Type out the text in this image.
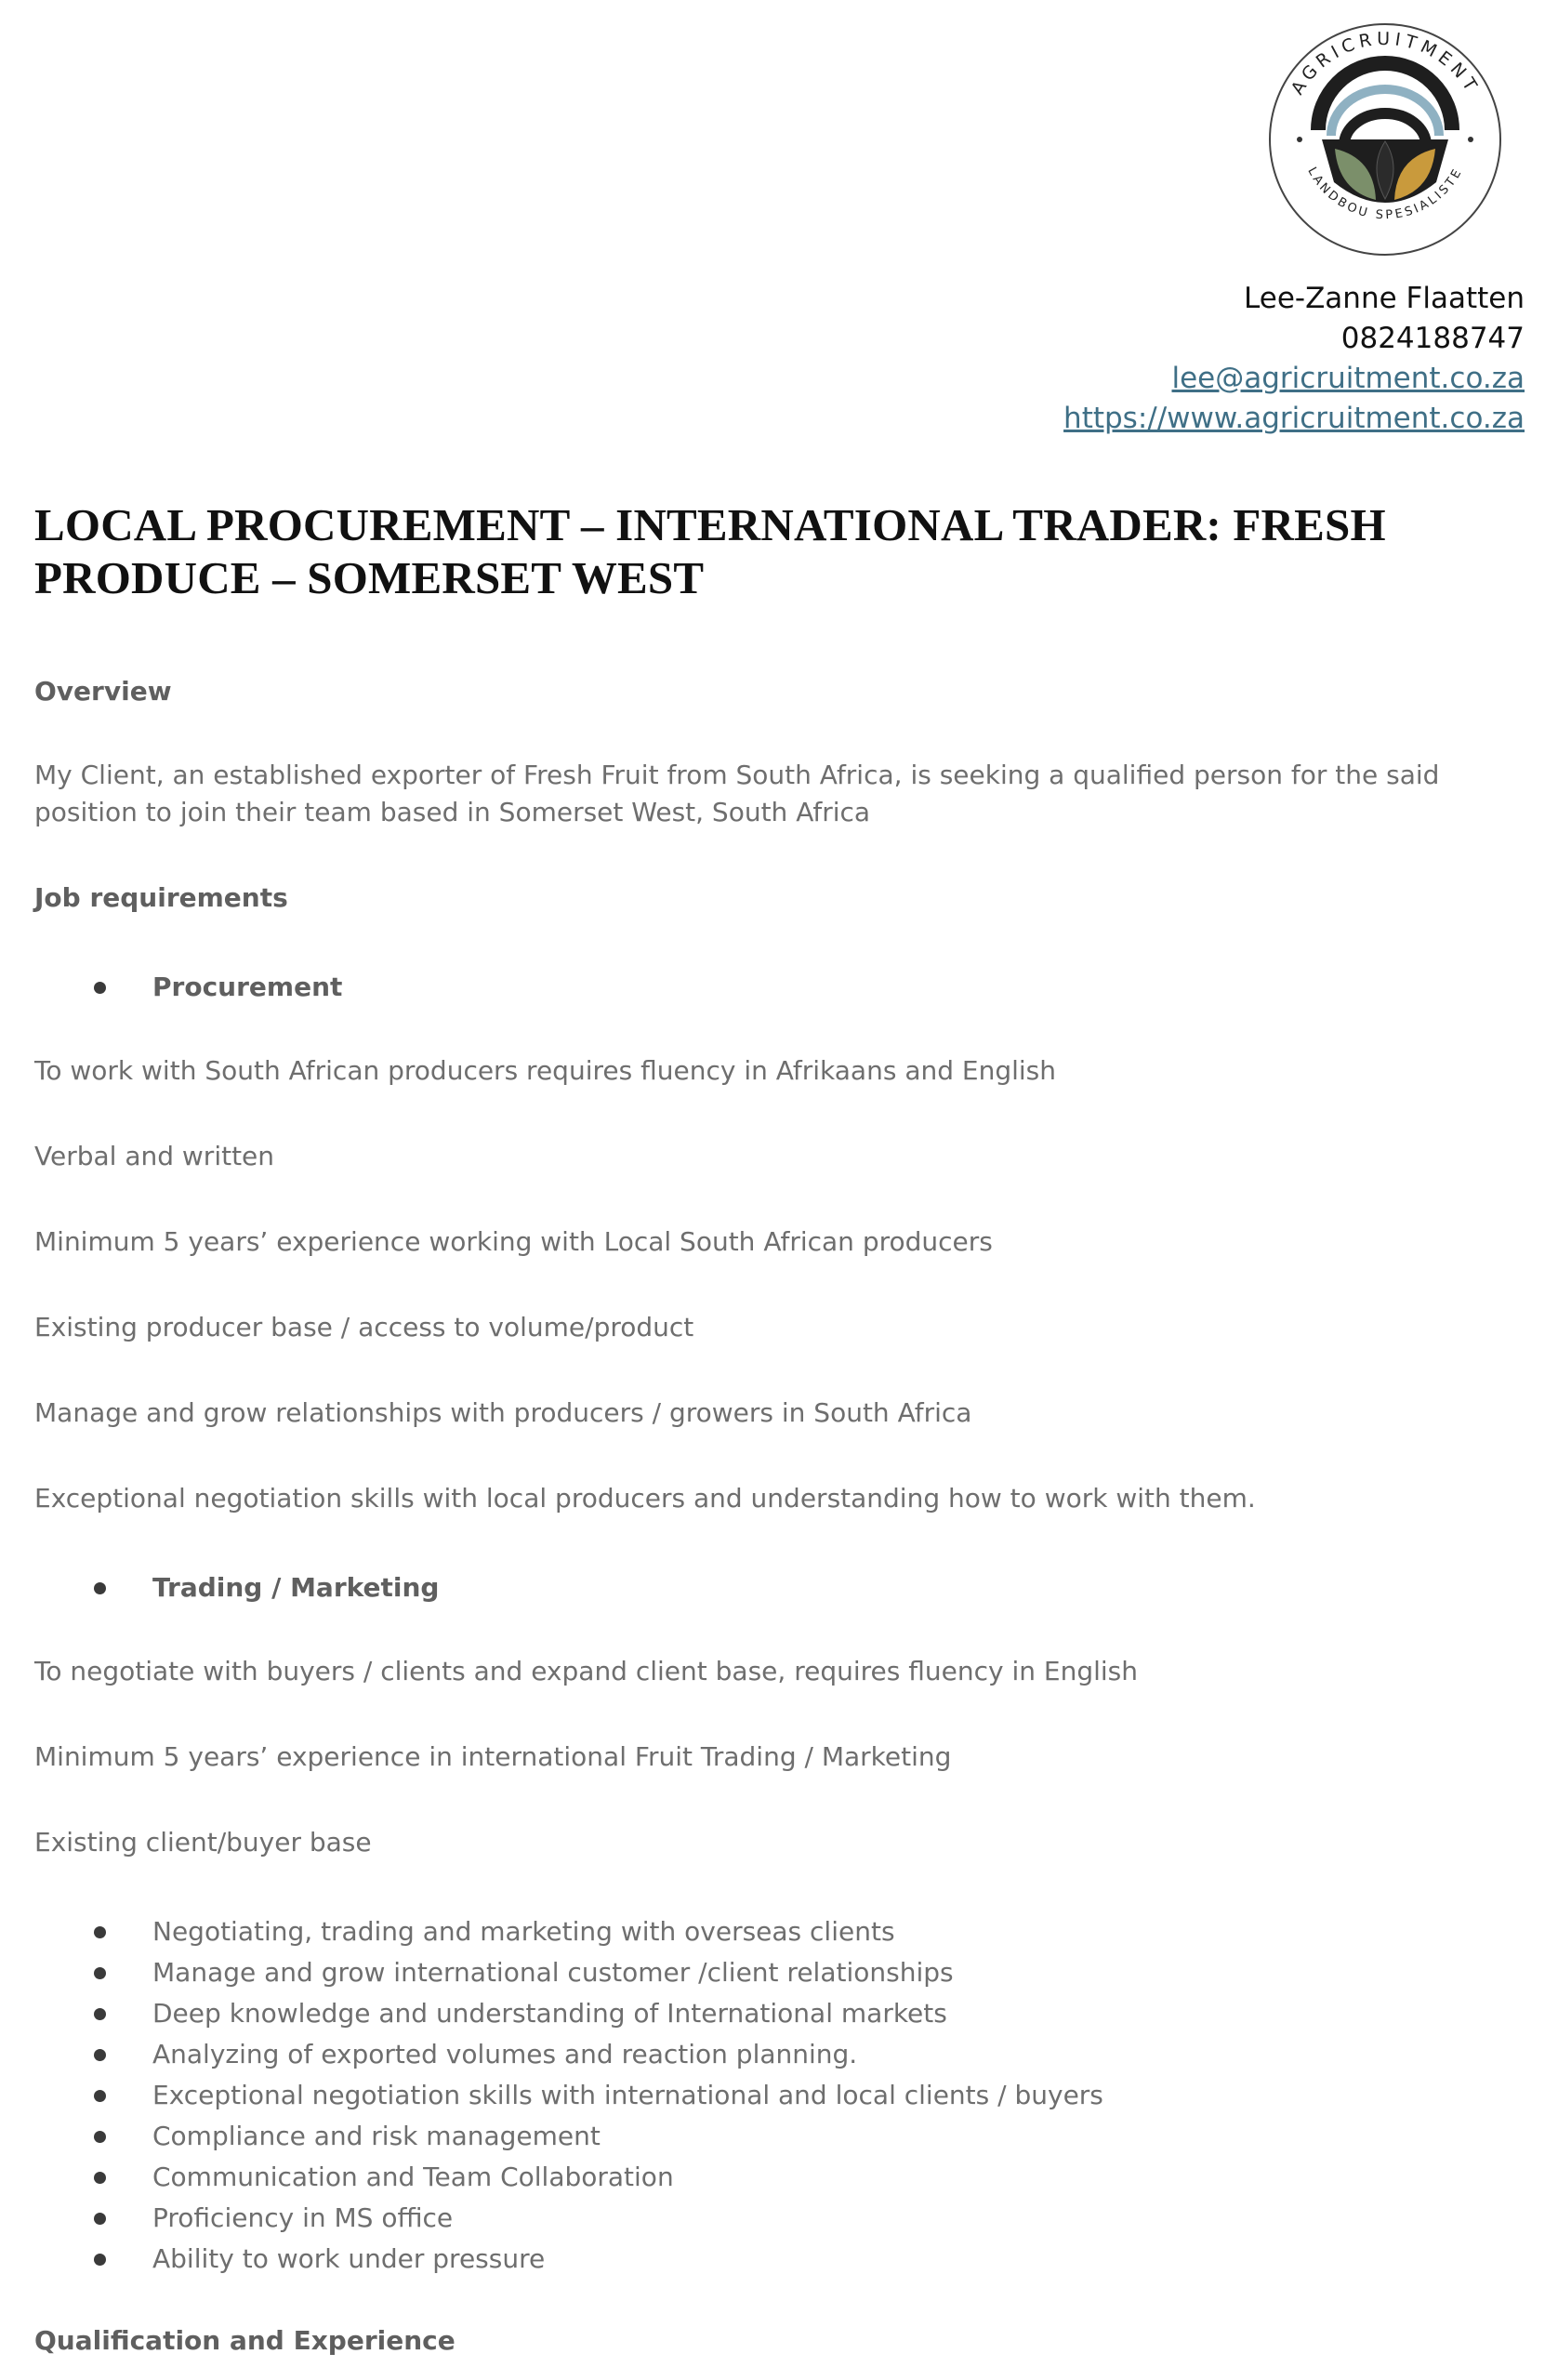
AGRICRUITMENT
LANDBOU SPESIALISTE
Lee-Zanne Flaatten
0824188747
lee@agricruitment.co.za
https://www.agricruitment.co.za
LOCAL PROCUREMENT – INTERNATIONAL TRADER: FRESH PRODUCE – SOMERSET WEST
Overview
My Client, an established exporter of Fresh Fruit from South Africa, is seeking a qualified person for the said position to join their team based in Somerset West, South Africa
Job requirements
Procurement
To work with South African producers requires fluency in Afrikaans and English
Verbal and written
Minimum 5 years’ experience working with Local South African producers
Existing producer base / access to volume/product
Manage and grow relationships with producers / growers in South Africa
Exceptional negotiation skills with local producers and understanding how to work with them.
Trading / Marketing
To negotiate with buyers / clients and expand client base, requires fluency in English
Minimum 5 years’ experience in international Fruit Trading / Marketing
Existing client/buyer base
Negotiating, trading and marketing with overseas clients
Manage and grow international customer /client relationships
Deep knowledge and understanding of International markets
Analyzing of exported volumes and reaction planning.
Exceptional negotiation skills with international and local clients / buyers
Compliance and risk management
Communication and Team Collaboration
Proficiency in MS office
Ability to work under pressure
Qualification and Experience
